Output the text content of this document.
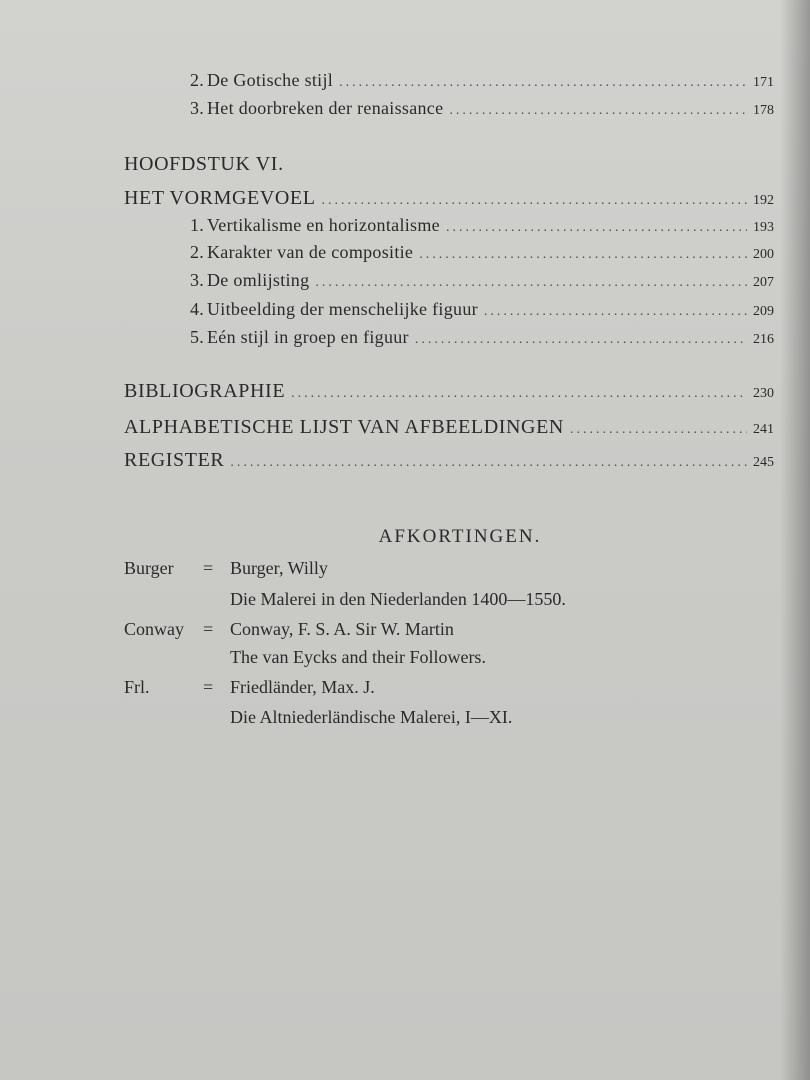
2. De Gotische stijl .....	171
3. Het doorbreken der renaissance .....	178
HOOFDSTUK VI.
HET VORMGEVOEL .....	192
1. Vertikalisme en horizontalisme .....	193
2. Karakter van de compositie .....	200
3. De omlijsting .....	207
4. Uitbeelding der menschelijke figuur .....	209
5. Eén stijl in groep en figuur .....	216
BIBLIOGRAPHIE .....	230
ALPHABETISCHE LIJST VAN AFBEELDINGEN .....	241
REGISTER .....	245
AFKORTINGEN.
Burger = Burger, Willy
Die Malerei in den Niederlanden 1400—1550.
Conway = Conway, F. S. A. Sir W. Martin
The van Eycks and their Followers.
Frl.	= Friedländer, Max. J.
Die Altniederländische Malerei, I—XI.
